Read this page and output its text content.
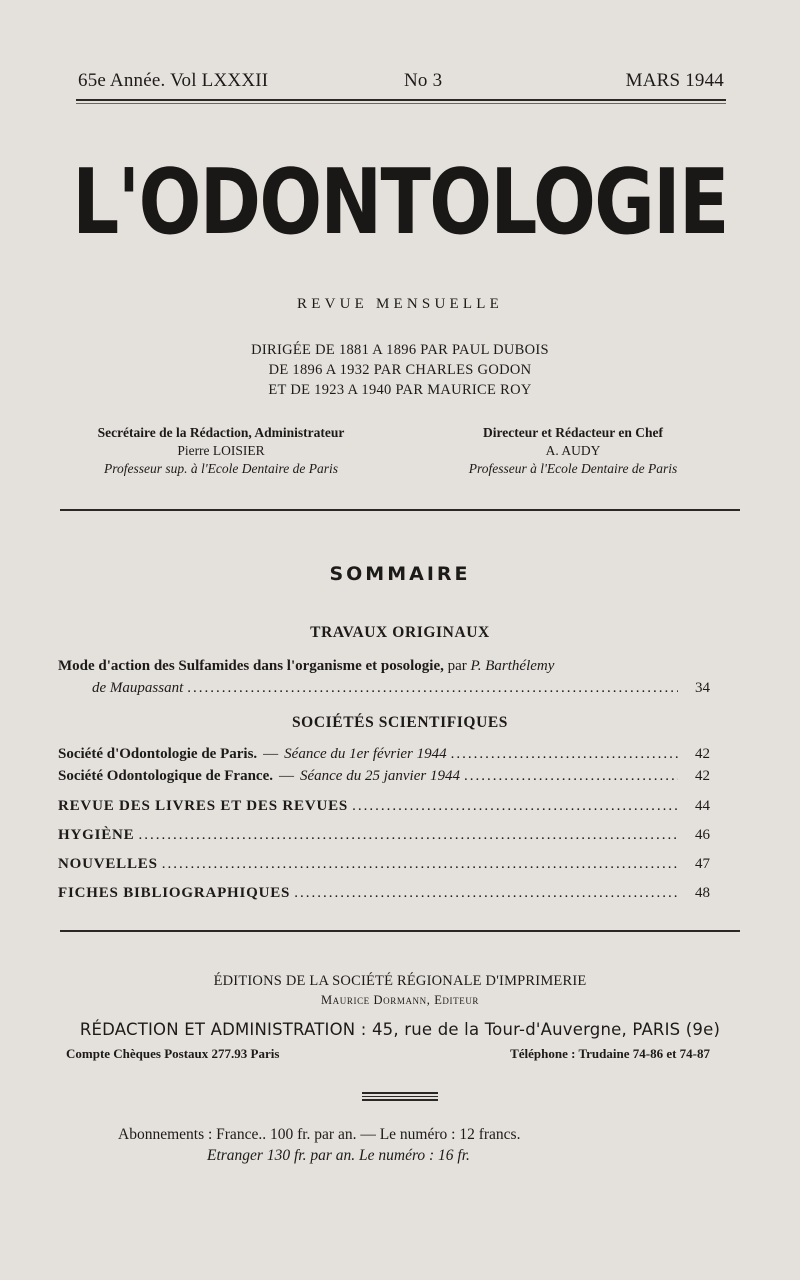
65e Année. Vol LXXXII	No 3	MARS 1944
L'ODONTOLOGIE
REVUE MENSUELLE
DIRIGÉE DE 1881 A 1896 PAR PAUL DUBOIS
DE 1896 A 1932 PAR CHARLES GODON
ET DE 1923 A 1940 PAR MAURICE ROY
Secrétaire de la Rédaction, Administrateur
Pierre LOISIER
Professeur sup. à l'Ecole Dentaire de Paris
Directeur et Rédacteur en Chef
A. AUDY
Professeur à l'Ecole Dentaire de Paris
SOMMAIRE
TRAVAUX ORIGINAUX
Mode d'action des Sulfamides dans l'organisme et posologie, par P. Barthélemy
de Maupassant .....	34
SOCIÉTÉS SCIENTIFIQUES
Société d'Odontologie de Paris. — Séance du 1er février 1944 .....	42
Société Odontologique de France. — Séance du 25 janvier 1944 .....	42
REVUE DES LIVRES ET DES REVUES .....	44
HYGIÈNE .....	46
NOUVELLES .....	47
FICHES BIBLIOGRAPHIQUES .....	48
ÉDITIONS DE LA SOCIÉTÉ RÉGIONALE D'IMPRIMERIE
Maurice Dormann, Editeur
RÉDACTION ET ADMINISTRATION : 45, rue de la Tour-d'Auvergne, PARIS (9e)
Compte Chèques Postaux 277.93 Paris	Téléphone : Trudaine 74-86 et 74-87
Abonnements : France.. 100 fr. par an. — Le numéro : 12 francs.
Etranger 130 fr. par an. Le numéro : 16 fr.
